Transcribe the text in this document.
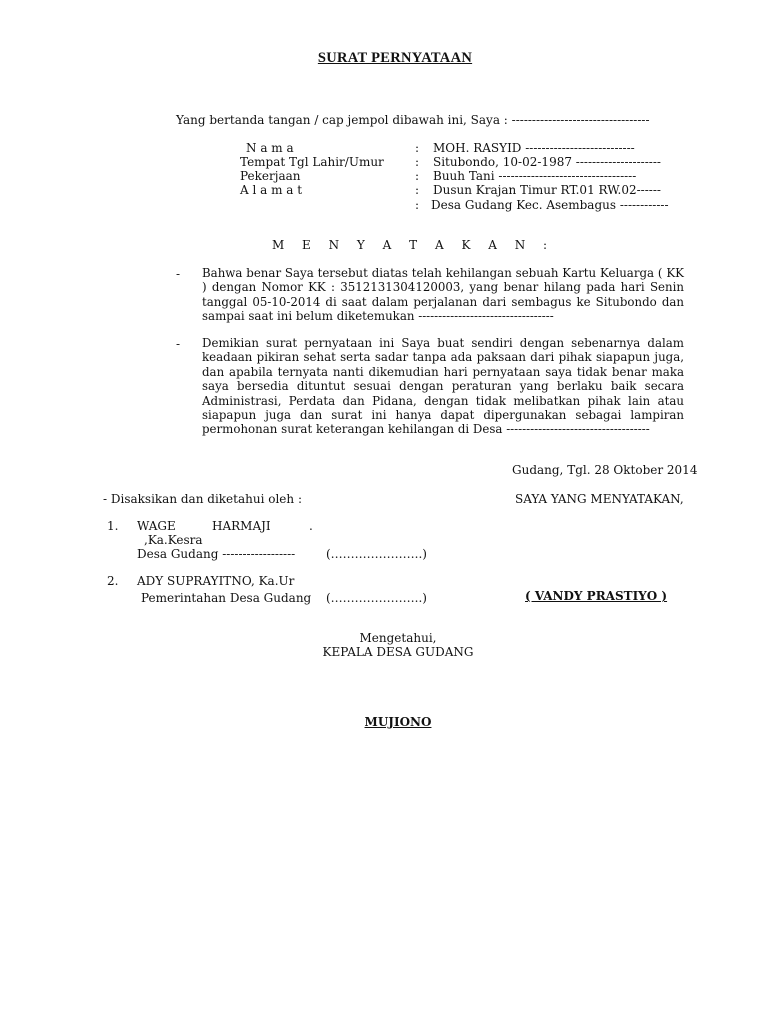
SURAT PERNYATAAN
Yang bertanda tangan / cap jempol dibawah ini, Saya : ----------------------------------
N a m a	: MOH. RASYID ---------------------------
Tempat Tgl Lahir/Umur	: Situbondo, 10-02-1987 ---------------------
Pekerjaan	: Buuh Tani ----------------------------------
A l a m a t	: Dusun Krajan Timur RT.01 RW.02------
: Desa Gudang Kec. Asembagus ------------
M E N Y A T A K A N :
- Bahwa benar Saya tersebut diatas telah kehilangan sebuah Kartu Keluarga ( KK ) dengan Nomor KK : 3512131304120003, yang benar hilang pada hari Senin tanggal 05-10-2014 di saat dalam perjalanan dari sembagus ke Situbondo dan sampai saat ini belum diketemukan ----------------------------------
- Demikian surat pernyataan ini Saya buat sendiri dengan sebenarnya dalam keadaan pikiran sehat serta sadar tanpa ada paksaan dari pihak siapapun juga, dan apabila ternyata nanti dikemudian hari pernyataan saya tidak benar maka saya bersedia dituntut sesuai dengan peraturan yang berlaku baik secara Administrasi, Perdata dan Pidana, dengan tidak melibatkan pihak lain atau siapapun juga dan surat ini hanya dapat dipergunakan sebagai lampiran permohonan surat keterangan kehilangan di Desa ------------------------------------
Gudang, Tgl. 28 Oktober 2014
- Disaksikan dan diketahui oleh :	SAYA YANG MENYATAKAN,
1. WAGE	HARMAJI	.
,Ka.Kesra
Desa Gudang ------------------	(…………………..)
2. ADY SUPRAYITNO, Ka.Ur
Pemerintahan Desa Gudang (…………………..)	( VANDY PRASTIYO )
Mengetahui,
KEPALA DESA GUDANG
MUJIONO
